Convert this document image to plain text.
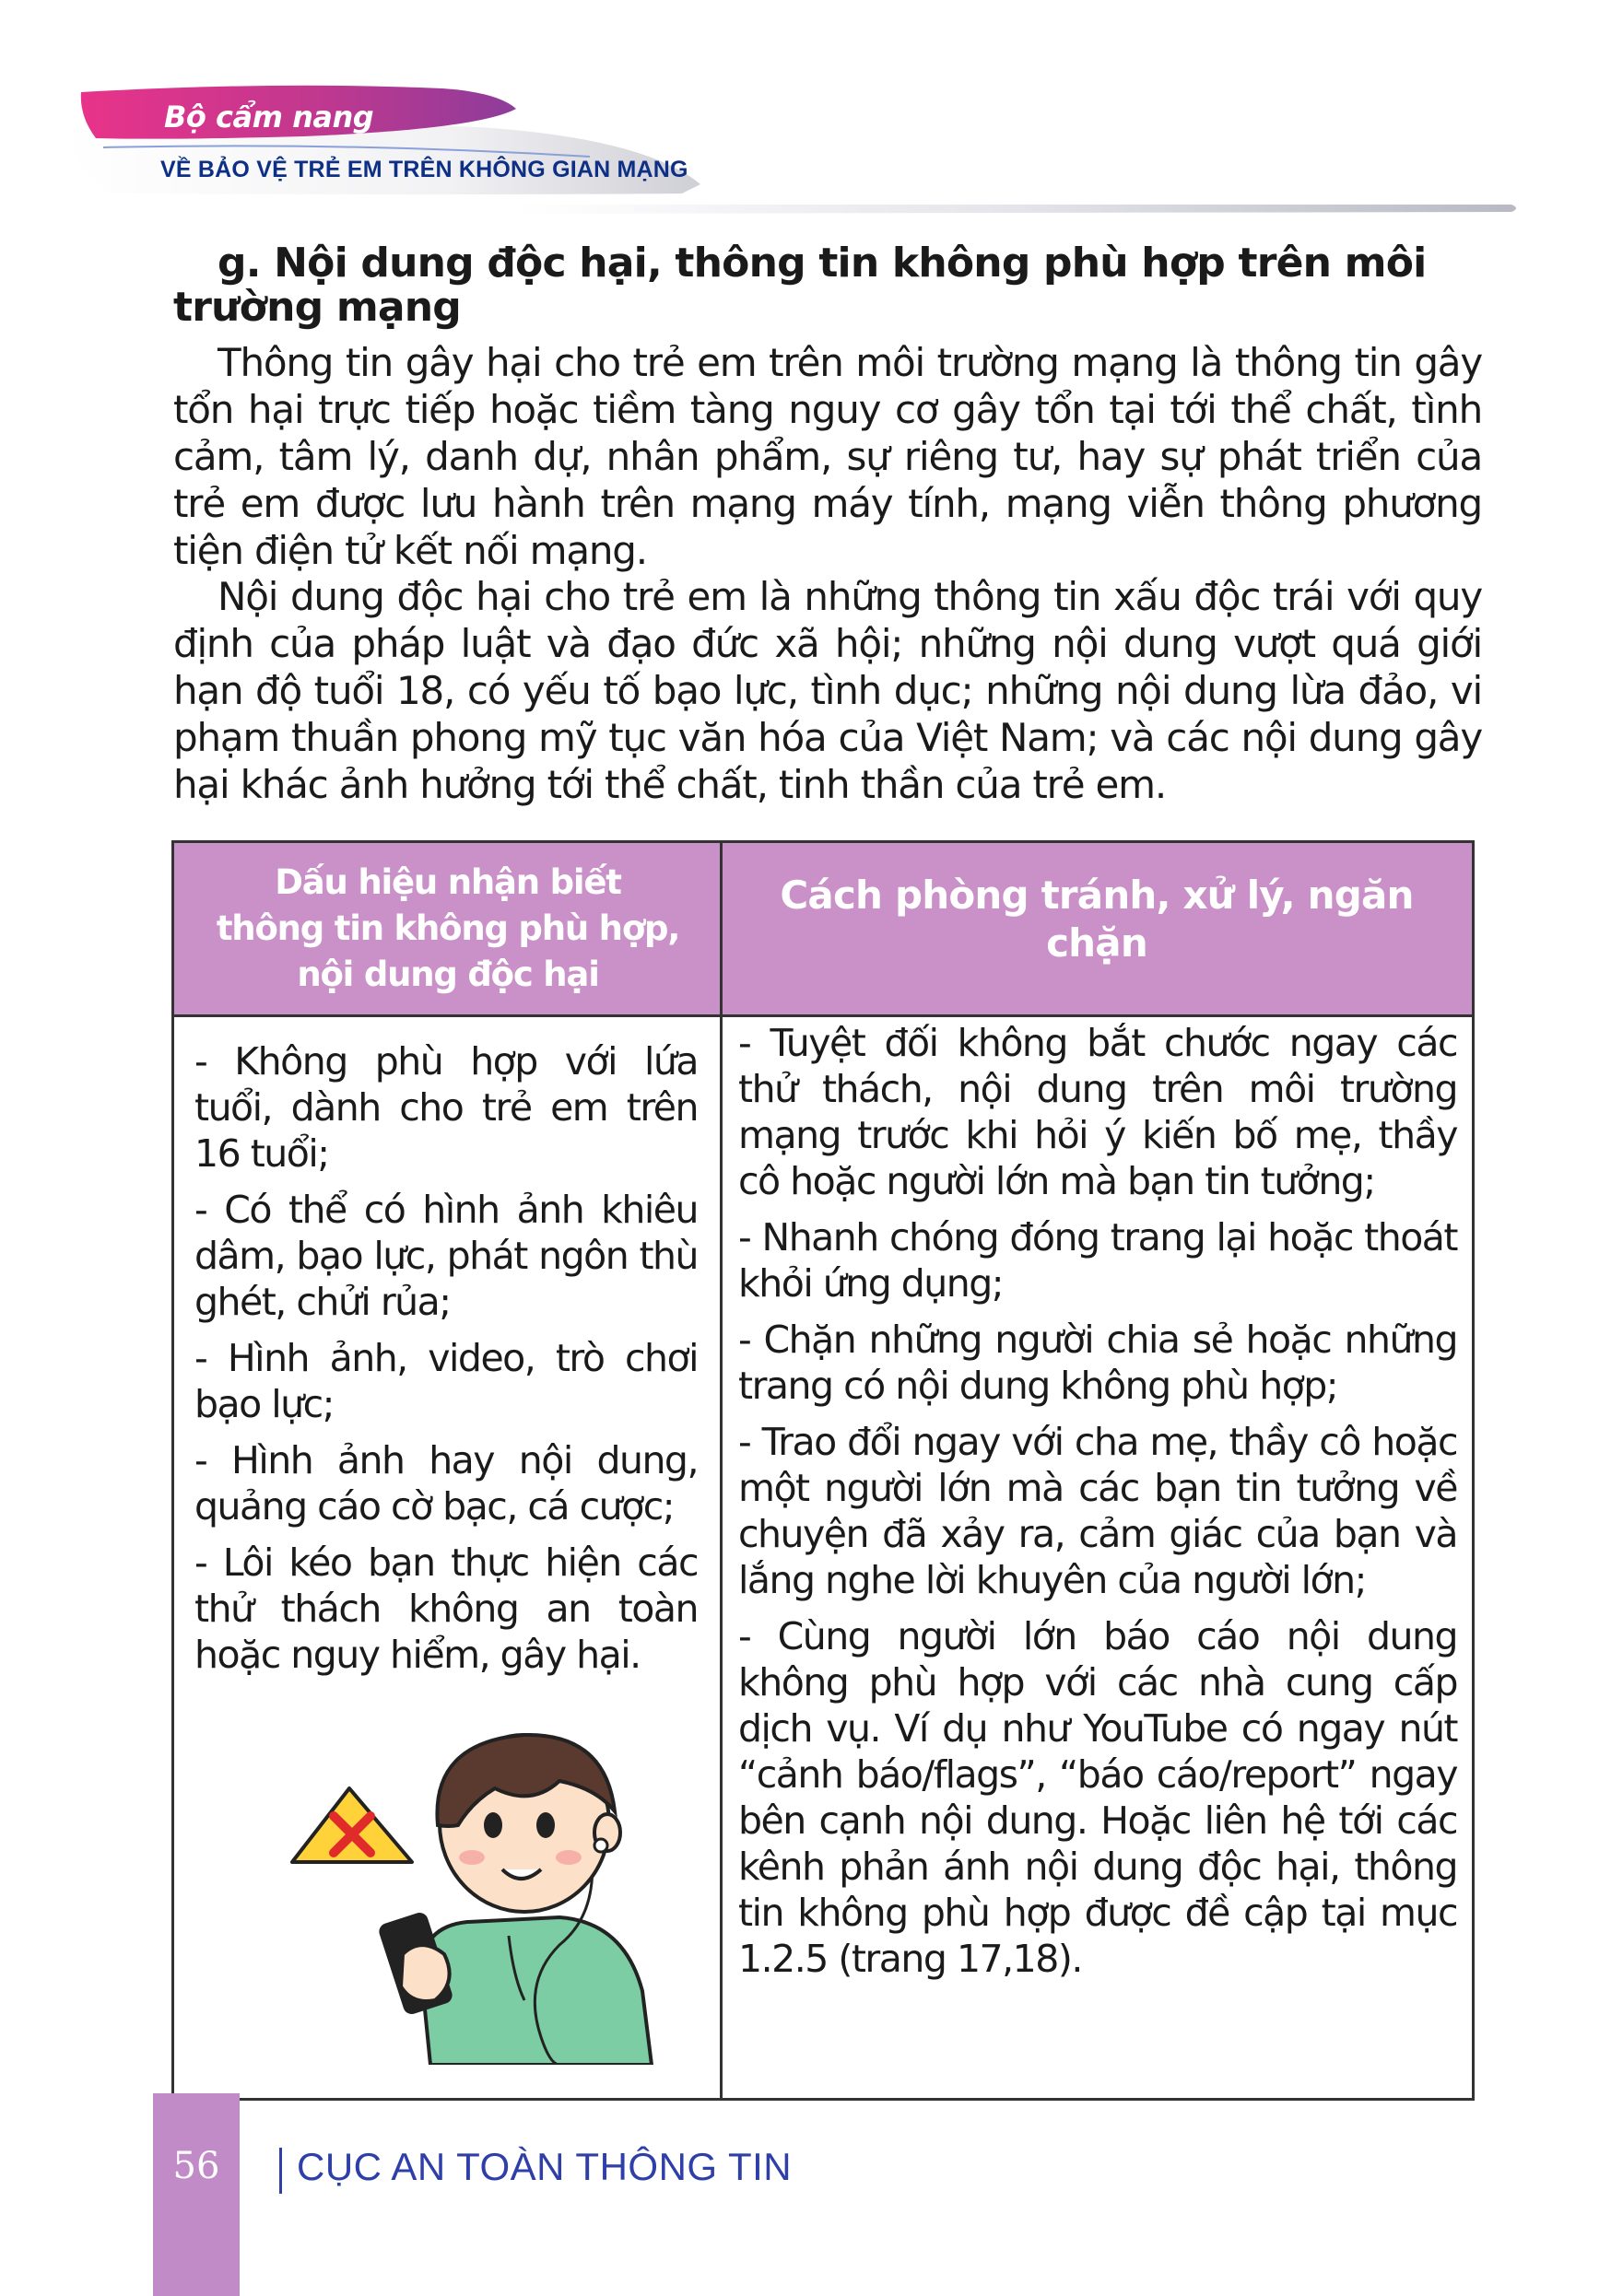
Bộ cẩm nang
VỀ BẢO VỆ TRẺ EM TRÊN KHÔNG GIAN MẠNG
g. Nội dung độc hại, thông tin không phù hợp trên môi trường mạng

Thông tin gây hại cho trẻ em trên môi trường mạng là thông tin gây tổn hại trực tiếp hoặc tiềm tàng nguy cơ gây tổn tại tới thể chất, tình cảm, tâm lý, danh dự, nhân phẩm, sự riêng tư, hay sự phát triển của trẻ em được lưu hành trên mạng máy tính, mạng viễn thông phương tiện điện tử kết nối mạng.

Nội dung độc hại cho trẻ em là những thông tin xấu độc trái với quy định của pháp luật và đạo đức xã hội; những nội dung vượt quá giới hạn độ tuổi 18, có yếu tố bạo lực, tình dục; những nội dung lừa đảo, vi phạm thuần phong mỹ tục văn hóa của Việt Nam; và các nội dung gây hại khác ảnh hưởng tới thể chất, tinh thần của trẻ em.

Dấu hiệu nhận biết
thông tin không phù hợp,
nội dung độc hại
Cách phòng tránh, xử lý, ngăn chặn

- Không phù hợp với lứa tuổi, dành cho trẻ em trên 16 tuổi;

- Có thể có hình ảnh khiêu dâm, bạo lực, phát ngôn thù ghét, chửi rủa;

- Hình ảnh, video, trò chơi bạo lực;

- Hình ảnh hay nội dung, quảng cáo cờ bạc, cá cược;

- Lôi kéo bạn thực hiện các thử thách không an toàn hoặc nguy hiểm, gây hại.

- Tuyệt đối không bắt chước ngay các thử thách, nội dung trên môi trường mạng trước khi hỏi ý kiến bố mẹ, thầy cô hoặc người lớn mà bạn tin tưởng;

- Nhanh chóng đóng trang lại hoặc thoát khỏi ứng dụng;

- Chặn những người chia sẻ hoặc những trang có nội dung không phù hợp;

- Trao đổi ngay với cha mẹ, thầy cô hoặc một người lớn mà các bạn tin tưởng về chuyện đã xảy ra, cảm giác của bạn và lắng nghe lời khuyên của người lớn;

- Cùng người lớn báo cáo nội dung không phù hợp với các nhà cung cấp dịch vụ. Ví dụ như YouTube có ngay nút “cảnh báo/flags”, “báo cáo/report” ngay bên cạnh nội dung. Hoặc liên hệ tới các kênh phản ánh nội dung độc hại, thông tin không phù hợp được đề cập tại mục 1.2.5 (trang 17,18).

56	CỤC AN TOÀN THÔNG TIN
